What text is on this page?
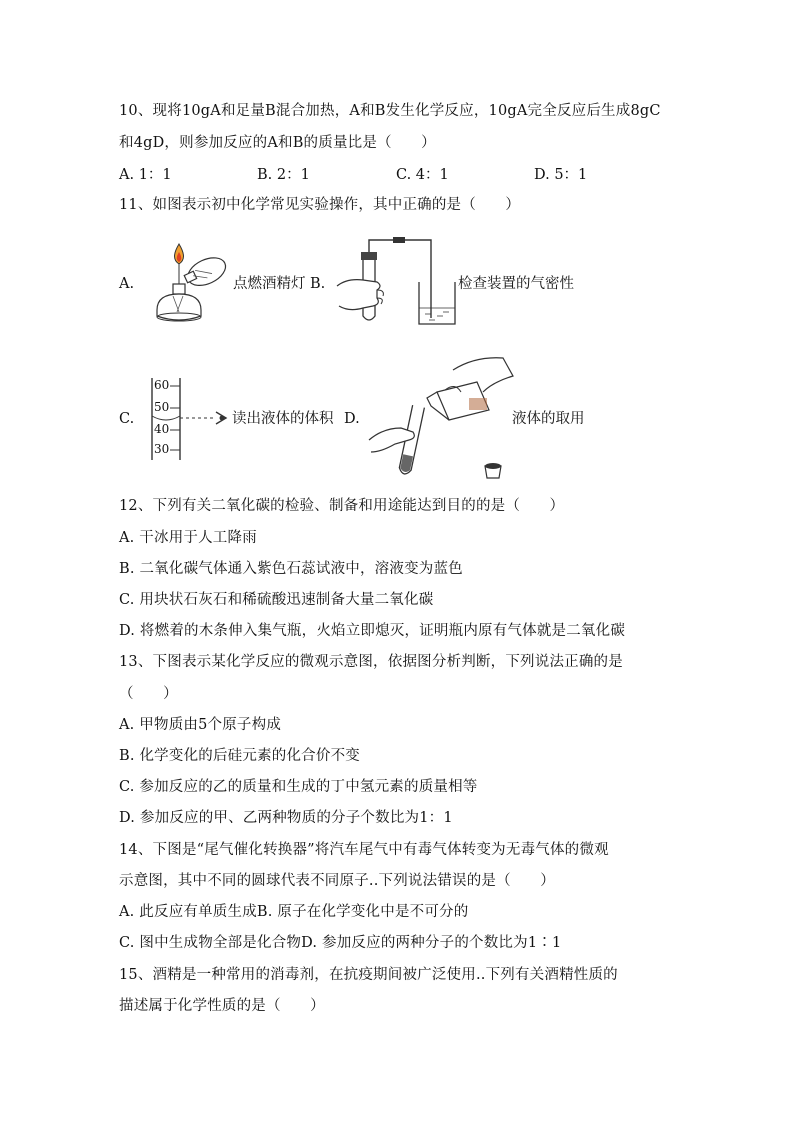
10、现将10gA和足量B混合加热，A和B发生化学反应，10gA完全反应后生成8gC
和4gD，则参加反应的A和B的质量比是（　　）
A. 1：1	B. 2：1	C. 4：1	D. 5：1
11、如图表示初中化学常见实验操作，其中正确的是（　　）
A.	点燃酒精灯 B.	检查装置的气密性
C.
60
50
40
30
读出液体的体积 D.	液体的取用
12、下列有关二氧化碳的检验、制备和用途能达到目的的是（　　）
A. 干冰用于人工降雨
B. 二氧化碳气体通入紫色石蕊试液中，溶液变为蓝色
C. 用块状石灰石和稀硫酸迅速制备大量二氧化碳
D. 将燃着的木条伸入集气瓶，火焰立即熄灭，证明瓶内原有气体就是二氧化碳
13、下图表示某化学反应的微观示意图，依据图分析判断，下列说法正确的是
（　　）
A. 甲物质由5个原子构成
B. 化学变化的后硅元素的化合价不变
C. 参加反应的乙的质量和生成的丁中氢元素的质量相等
D. 参加反应的甲、乙两种物质的分子个数比为1：1
14、下图是“尾气催化转换器”将汽车尾气中有毒气体转变为无毒气体的微观
示意图，其中不同的圆球代表不同原子..下列说法错误的是（　　）
A. 此反应有单质生成B. 原子在化学变化中是不可分的
C. 图中生成物全部是化合物D. 参加反应的两种分子的个数比为1∶1
15、酒精是一种常用的消毒剂，在抗疫期间被广泛使用..下列有关酒精性质的
描述属于化学性质的是（　　）
